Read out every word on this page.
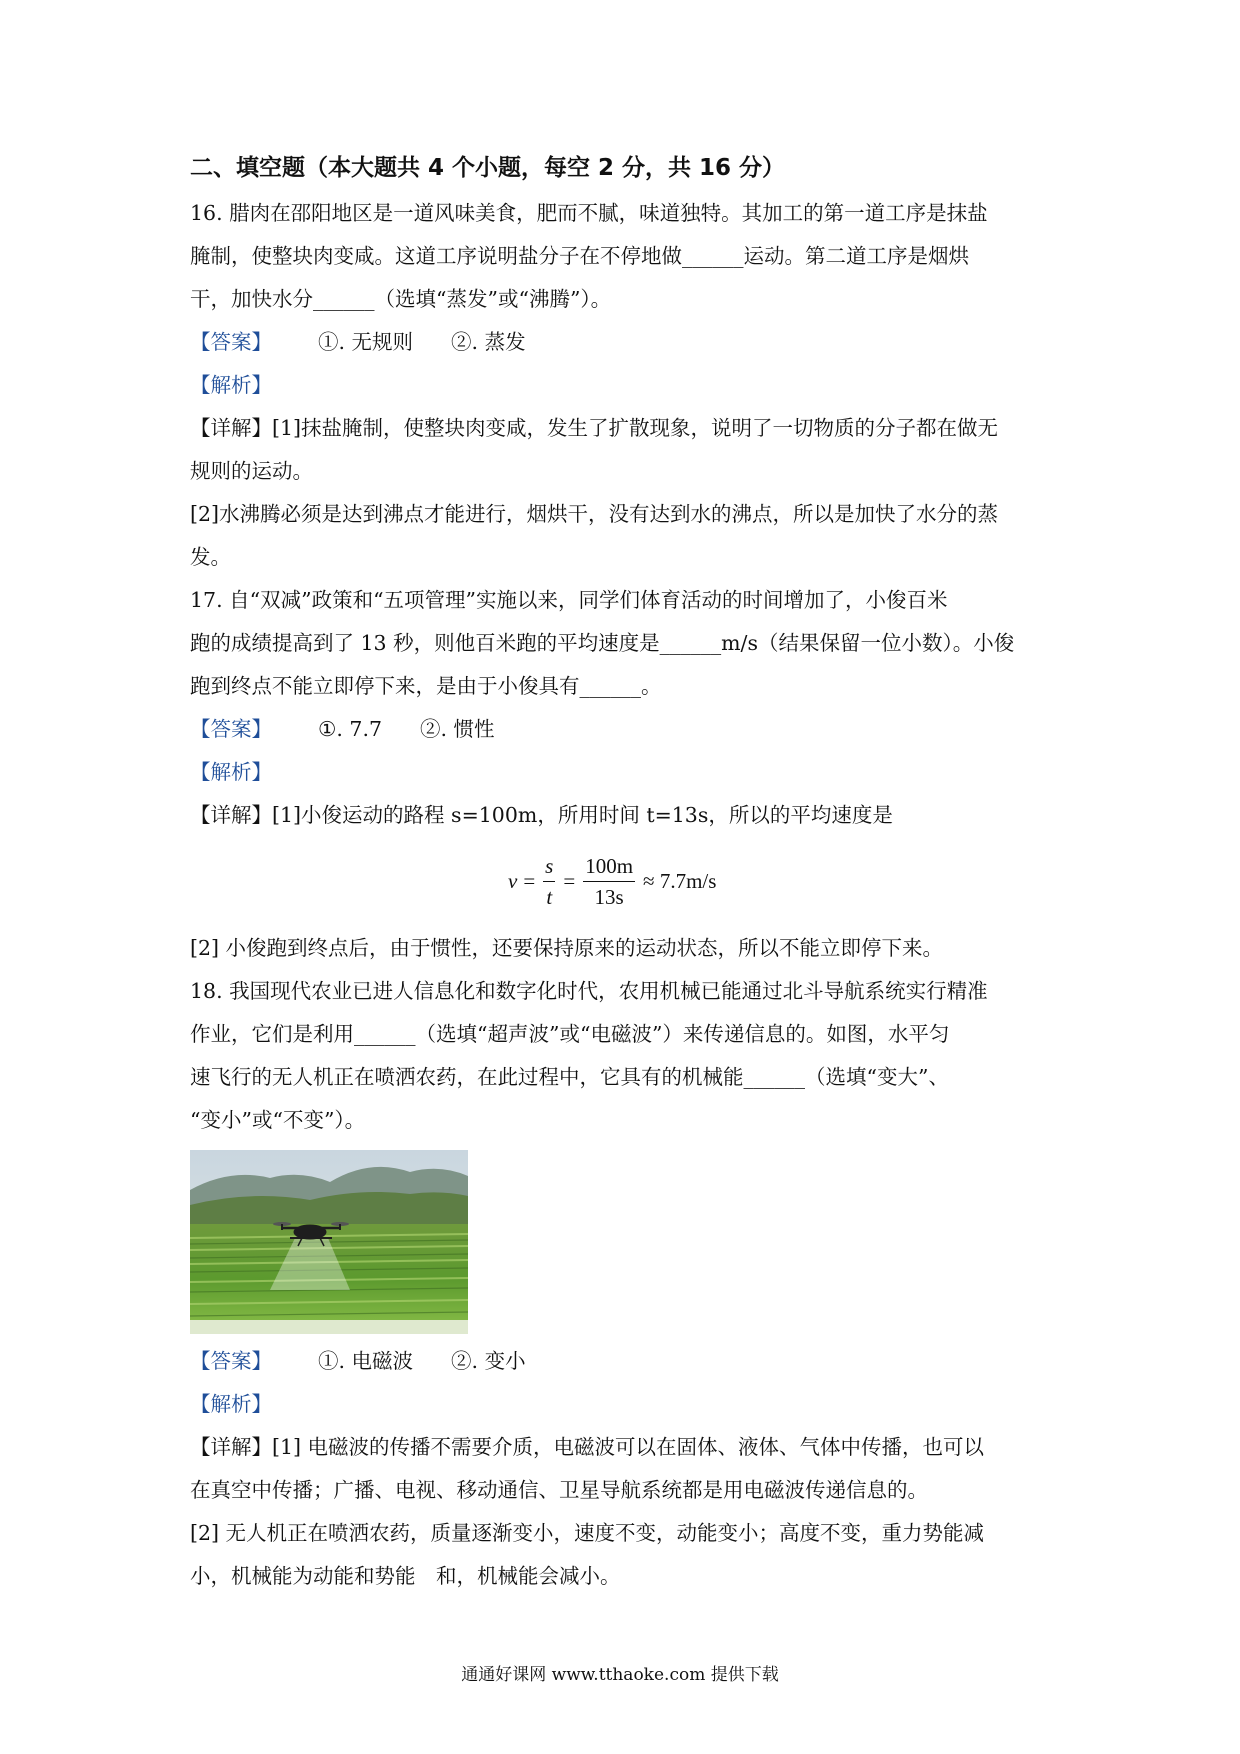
二、填空题（本大题共 4 个小题，每空 2 分，共 16 分）

16. 腊肉在邵阳地区是一道风味美食，肥而不腻，味道独特。其加工的第一道工序是抹盐

腌制，使整块肉变咸。这道工序说明盐分子在不停地做______运动。第二道工序是烟烘

干，加快水分______（选填“蒸发”或“沸腾”）。

【答案】 ①. 无规则 ②. 蒸发

【解析】

【详解】[1]抹盐腌制，使整块肉变咸，发生了扩散现象，说明了一切物质的分子都在做无

规则的运动。

[2]水沸腾必须是达到沸点才能进行，烟烘干，没有达到水的沸点，所以是加快了水分的蒸

发。

17. 自“双减”政策和“五项管理”实施以来，同学们体育活动的时间增加了，小俊百米

跑的成绩提高到了 13 秒，则他百米跑的平均速度是______m/s（结果保留一位小数）。小俊

跑到终点不能立即停下来，是由于小俊具有______。

【答案】 ①. 7.7 ②. 惯性

【解析】

【详解】[1]小俊运动的路程 s=100m，所用时间 t=13s，所以的平均速度是

$v = \frac{s}{t} = \frac{100m}{13s} \approx 7.7m/s$

[2] 小俊跑到终点后，由于惯性，还要保持原来的运动状态，所以不能立即停下来。

18. 我国现代农业已进人信息化和数字化时代，农用机械已能通过北斗导航系统实行精准

作业，它们是利用______（选填“超声波”或“电磁波”）来传递信息的。如图，水平匀

速飞行的无人机正在喷洒农药，在此过程中，它具有的机械能______（选填“变大”、

“变小”或“不变”）。

【答案】 ①. 电磁波 ②. 变小

【解析】

【详解】[1] 电磁波的传播不需要介质，电磁波可以在固体、液体、气体中传播，也可以

在真空中传播；广播、电视、移动通信、卫星导航系统都是用电磁波传递信息的。

[2] 无人机正在喷洒农药，质量逐渐变小，速度不变，动能变小；高度不变，重力势能减

小，机械能为动能和势能　和，机械能会减小。

通通好课网 www.tthaoke.com 提供下载
